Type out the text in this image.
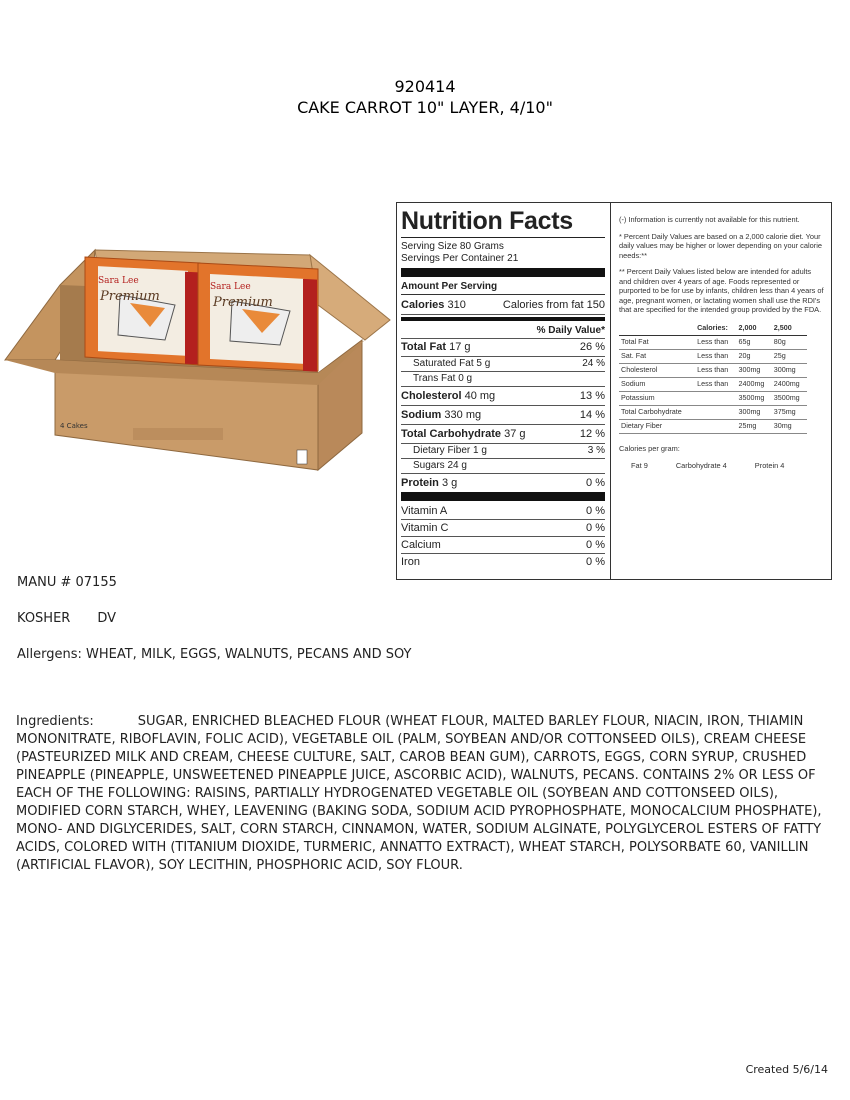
920414
CAKE CARROT 10" LAYER, 4/10"
Sara Lee
Premium
Sara Lee
Premium
4 Cakes
Nutrition Facts
Serving Size 80 Grams
Servings Per Container 21
Amount Per Serving
Calories 310	Calories from fat 150
% Daily Value*
Total Fat 17 g	26 %
Saturated Fat 5 g	24 %
Trans Fat 0 g
Cholesterol 40 mg	13 %
Sodium 330 mg	14 %
Total Carbohydrate 37 g	12 %
Dietary Fiber 1 g	3 %
Sugars 24 g
Protein 3 g	0 %
Vitamin A	0 %
Vitamin C	0 %
Calcium	0 %
Iron	0 %

(-) Information is currently not available for this nutrient.

* Percent Daily Values are based on a 2,000 calorie diet. Your daily values may be higher or lower depending on your calorie needs:**

** Percent Daily Values listed below are intended for adults and children over 4 years of age. Foods represented or purported to be for use by infants, children less than 4 years of age, pregnant women, or lactating women shall use the RDI's that are specified for the intended group provided by the FDA.

	Calories:	2,000	2,500
Total Fat	Less than	65g	80g
Sat. Fat	Less than	20g	25g
Cholesterol	Less than	300mg	300mg
Sodium	Less than	2400mg	2400mg
Potassium		3500mg	3500mg
Total Carbohydrate		300mg	375mg
Dietary Fiber		25mg	30mg
Calories per gram:
Fat 9	Carbohydrate 4	Protein 4
MANU # 07155
KOSHER DV
Allergens: WHEAT, MILK, EGGS, WALNUTS, PECANS AND SOY
Ingredients:	SUGAR, ENRICHED BLEACHED FLOUR (WHEAT FLOUR, MALTED BARLEY FLOUR, NIACIN, IRON, THIAMIN MONONITRATE, RIBOFLAVIN, FOLIC ACID), VEGETABLE OIL (PALM, SOYBEAN AND/OR COTTONSEED OILS), CREAM CHEESE (PASTEURIZED MILK AND CREAM, CHEESE CULTURE, SALT, CAROB BEAN GUM), CARROTS, EGGS, CORN SYRUP, CRUSHED PINEAPPLE (PINEAPPLE, UNSWEETENED PINEAPPLE JUICE, ASCORBIC ACID), WALNUTS, PECANS. CONTAINS 2% OR LESS OF EACH OF THE FOLLOWING: RAISINS, PARTIALLY HYDROGENATED VEGETABLE OIL (SOYBEAN AND COTTONSEED OILS), MODIFIED CORN STARCH, WHEY, LEAVENING (BAKING SODA, SODIUM ACID PYROPHOSPHATE, MONOCALCIUM PHOSPHATE), MONO- AND DIGLYCERIDES, SALT, CORN STARCH, CINNAMON, WATER, SODIUM ALGINATE, POLYGLYCEROL ESTERS OF FATTY ACIDS, COLORED WITH (TITANIUM DIOXIDE, TURMERIC, ANNATTO EXTRACT), WHEAT STARCH, POLYSORBATE 60, VANILLIN (ARTIFICIAL FLAVOR), SOY LECITHIN, PHOSPHORIC ACID, SOY FLOUR.
Created 5/6/14
